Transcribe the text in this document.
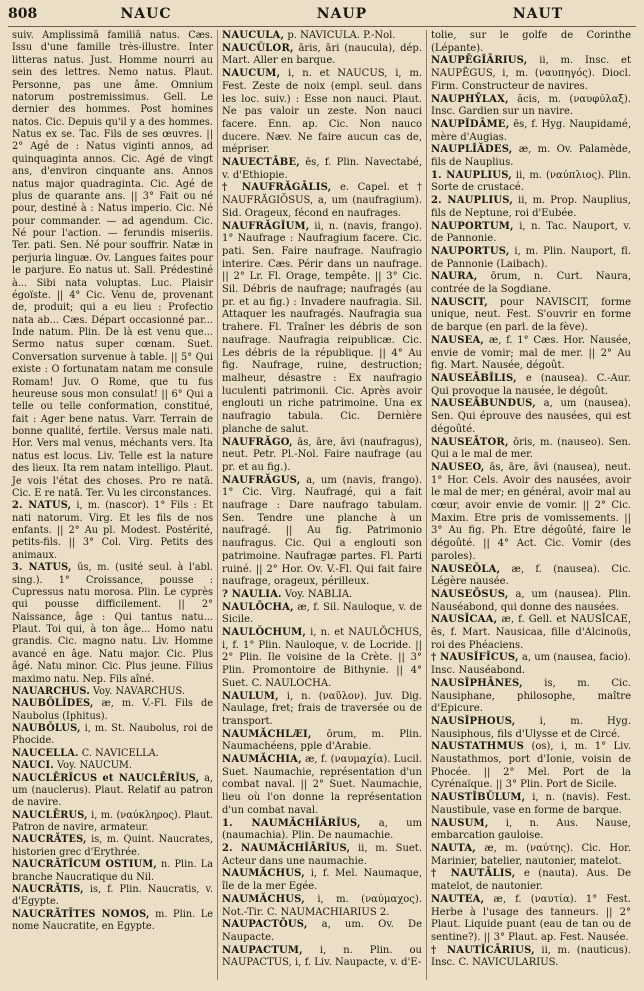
808	NAUC	NAUP	NAUT

suiv. Amplissimā familiā natus. Cæs. Issu d'une famille très-illustre. Inter litteras natus. Just. Homme nourri au sein des lettres. Nemo natus. Plaut. Personne, pas une âme. Omnium natorum postremissimus. Gell. Le dernier des hommes. Post homines natos. Cic. Depuis qu'il y a des hommes. Natus ex se. Tac. Fils de ses œuvres. || 2° Agé de : Natus viginti annos, ad quinquaginta annos. Cic. Agé de vingt ans, d'environ cinquante ans. Annos natus major quadraginta. Cic. Agé de plus de quarante ans. || 3° Fait ou né pour, destiné à : Natus imperio. Cic. Né pour commander. — ad agendum. Cic. Né pour l'action. — ferundis miseriis. Ter. pati. Sen. Né pour souffrir. Natæ in perjuria linguæ. Ov. Langues faites pour le parjure. Eo natus ut. Sall. Prédestiné à... Sibi nata voluptas. Luc. Plaisir égoïste. || 4° Cic. Venu de, provenant de, produit; qui a eu lieu : Profectio nata ab... Cæs. Départ occasionné par... Inde natum. Plin. De là est venu que... Sermo natus super cœnam. Suet. Conversation survenue à table. || 5° Qui existe : O fortunatam natam me consule Romam! Juv. O Rome, que tu fus heureuse sous mon consulat! || 6° Qui a telle ou telle conformation, constitué, fait : Ager bene natus. Varr. Terrain de bonne qualité, fertile. Versus male nati. Hor. Vers mal venus, méchants vers. Ita natus est locus. Liv. Telle est la nature des lieux. Ita rem natam intelligo. Plaut. Je vois l'état des choses. Pro re natā. Cic. E re natā. Ter. Vu les circonstances.

2. NATUS, i, m. (nascor). 1° Fils : Et nati natorum. Virg. Et les fils de nos enfants. || 2° Au pl. Modest. Postérité, petits-fils. || 3° Col. Virg. Petits des animaux.

3. NATUS, ūs, m. (usité seul. à l'abl. sing.). 1° Croissance, pousse : Cupressus natu morosa. Plin. Le cyprès qui pousse difficilement. || 2° Naissance, âge : Qui tantus natu... Plaut. Toi qui, à ton âge... Homo natu grandis. Cic. magno natu. Liv. Homme avancé en âge. Natu major. Cic. Plus âgé. Natu minor. Cic. Plus jeune. Filius maximo natu. Nep. Fils aîné.

NAUARCHUS. Voy. NAVARCHUS.

NAUBŎLĬDES, æ, m. V.-Fl. Fils de Naubolus (Iphitus).

NAUBŎLUS, i, m. St. Naubolus, roi de Phocide.

NAUCELLA. C. NAVICELLA.

NAUCI. Voy. NAUCUM.

NAUCLĒRĬCUS et NAUCLĒRĬUS, a, um (nauclerus). Plaut. Relatif au patron de navire.

NAUCLĒRUS, i, m. (ναύκληρος). Plaut. Patron de navire, armateur.

NAUCRĂTES, is, m. Quint. Naucrates, historien grec d'Erythrée.

NAUCRĂTĬCUM OSTIUM, n. Plin. La branche Naucratique du Nil.

NAUCRĂTIS, is, f. Plin. Naucratis, v. d'Egypte.

NAUCRĂTĪTES NOMOS, m. Plin. Le nome Naucratite, en Egypte.

NAUCŬLA, p. NAVICULA. P.-Nol.

NAUCŬLOR, āris, āri (naucula), dép. Mart. Aller en barque.

NAUCUM, i, n. et NAUCUS, i, m. Fest. Zeste de noix (empl. seul. dans les loc. suiv.) : Esse non nauci. Plaut. Ne pas valoir un zeste. Non nauci facere. Enn. ap. Cic. Non nauco ducere. Næv. Ne faire aucun cas de, mépriser.

NAUECTĀBE, ēs, f. Plin. Navectabé, v. d'Ethiopie.

† NAUFRĂGĀLIS, e. Capel. et † NAUFRĂGIŌSUS, a, um (naufragium). Sid. Orageux, fécond en naufrages.

NAUFRĂGĬUM, ii, n. (navis, frango). 1° Naufrage : Naufragium facere. Cic. pati. Sen. Faire naufrage. Naufragio interire. Cæs. Périr dans un naufrage. || 2° Lr. Fl. Orage, tempête. || 3° Cic. Sil. Débris de naufrage; naufragés (au pr. et au fig.) : Invadere naufragia. Sil. Attaquer les naufragés. Naufragia sua trahere. Fl. Traîner les débris de son naufrage. Naufragia reipublicæ. Cic. Les débris de la république. || 4° Au fig. Naufrage, ruine, destruction; malheur, désastre : Ex naufragio luculenti patrimonii. Cic. Après avoir englouti un riche patrimoine. Una ex naufragio tabula. Cic. Dernière planche de salut.

NAUFRĂGO, ās, āre, āvi (naufragus), neut. Petr. Pl.-Nol. Faire naufrage (au pr. et au fig.).

NAUFRĂGUS, a, um (navis, frango). 1° Cic. Virg. Naufragé, qui a fait naufrage : Dare naufrago tabulam. Sen. Tendre une planche à un naufragé. || Au fig. Patrimonio naufragus. Cic. Qui a englouti son patrimoine. Naufragæ partes. Fl. Parti ruiné. || 2° Hor. Ov. V.-Fl. Qui fait faire naufrage, orageux, périlleux.

? NAULIA. Voy. NABLIA.

NAULŌCHA, æ, f. Sil. Nauloque, v. de Sicile.

NAULŎCHUM, i, n. et NAULŎCHUS, i, f. 1° Plin. Nauloque, v. de Locride. || 2° Plin. Ile voisine de la Crète. || 3° Plin. Promontoire de Bithynie. || 4° Suet. C. NAULOCHA.

NAULUM, i, n. (ναῦλον). Juv. Dig. Naulage, fret; frais de traversée ou de transport.

NAUMĂCHLÆI, ōrum, m. Plin. Naumachéens, pple d'Arabie.

NAUMĂCHIA, æ, f. (ναυμαχία). Lucil. Suet. Naumachie, représentation d'un combat naval. || 2° Suet. Naumachie, lieu où l'on donne la représentation d'un combat naval.

1. NAUMĂCHĬĀRĬUS, a, um (naumachia). Plin. De naumachie.

2. NAUMĂCHĬĀRĬUS, ii, m. Suet. Acteur dans une naumachie.

NAUMĂCHUS, i, f. Mel. Naumaque, île de la mer Egée.

NAUMĂCHUS, i, m. (ναύμαχος). Not.-Tir. C. NAUMACHIARIUS 2.

NAUPACTŌUS, a, um. Ov. De Naupacte.

NAUPACTUM, i, n. Plin. ou NAUPACTUS, i, f. Liv. Naupacte, v. d'E-

tolie, sur le golfe de Corinthe (Lépante).

NAUPĒGĬĀRIUS, ii, m. Insc. et NAUPĒGUS, i, m. (ναυπηγός). Diocl. Firm. Constructeur de navires.

NAUPHȲLAX, ăcis, m. (ναυφύλαξ). Insc. Gardien sur un navire.

NAUPĬDĀME, ēs, f. Hyg. Naupidamé, mère d'Augias.

NAUPLĬĂDES, æ, m. Ov. Palamède, fils de Nauplius.

1. NAUPLIUS, ii, m. (ναύπλιος). Plin. Sorte de crustacé.

2. NAUPLIUS, ii, m. Prop. Nauplius, fils de Neptune, roi d'Eubée.

NAUPORTUM, i, n. Tac. Nauport, v. de Pannonie.

NAUPORTUS, i, m. Plin. Nauport, fl. de Pannonie (Laibach).

NAURA, ōrum, n. Curt. Naura, contrée de la Sogdiane.

NAUSCIT, pour NAVISCIT, forme unique, neut. Fest. S'ouvrir en forme de barque (en parl. de la fève).

NAUSEA, æ, f. 1° Cæs. Hor. Nausée, envie de vomir; mal de mer. || 2° Au fig. Mart. Nausée, dégoût.

NAUSEĀBĬLIS, e (nausea). C.-Aur. Qui provoque la nausée, le dégoût.

NAUSEĀBUNDUS, a, um (nausea). Sen. Qui éprouve des nausées, qui est dégoûté.

NAUSEĀTOR, ōris, m. (nauseo). Sen. Qui a le mal de mer.

NAUSEO, ās, āre, āvi (nausea), neut. 1° Hor. Cels. Avoir des nausées, avoir le mal de mer; en général, avoir mal au cœur, avoir envie de vomir. || 2° Cic. Maxim. Etre pris de vomissements. || 3° Au fig. Ph. Etre dégoûté, faire le dégoûté. || 4° Act. Cic. Vomir (des paroles).

NAUSEŎLA, æ, f. (nausea). Cic. Légère nausée.

NAUSEŌSUS, a, um (nausea). Plin. Nauséabond, qui donne des nausées.

NAUSĬCAA, æ, f. Gell. et NAUSĬCAE, ēs, f. Mart. Nausicaa, fille d'Alcinoüs, roi des Phéaciens.

† NAUSĬFĬCUS, a, um (nausea, facio). Insc. Nauséabond.

NAUSĬPHĀNES, is, m. Cic. Nausiphane, philosophe, maître d'Epicure.

NAUSĬPHOUS, i, m. Hyg. Nausiphous, fils d'Ulysse et de Circé.

NAUSTATHMUS (os), i, m. 1° Liv. Naustathmos, port d'Ionie, voisin de Phocée. || 2° Mel. Port de la Cyrénaïque. || 3° Plin. Port de Sicile.

NAUSTĬBŬLUM, i, n. (navis). Fest. Naustibule, vase en forme de barque.

NAUSUM, i, n. Aus. Nause, embarcation gauloise.

NAUTA, æ, m. (ναύτης). Cic. Hor. Marinier, batelier, nautonier, matelot.

† NAUTĀLIS, e (nauta). Aus. De matelot, de nautonier.

NAUTEA, æ, f. (ναυτία). 1° Fest. Herbe à l'usage des tanneurs. || 2° Plaut. Liquide puant (eau de tan ou de sentine?). || 3° Plaut. ap. Fest. Nausée.

† NAUTĬCĀRIUS, ii, m. (nauticus). Insc. C. NAVICULARIUS.
